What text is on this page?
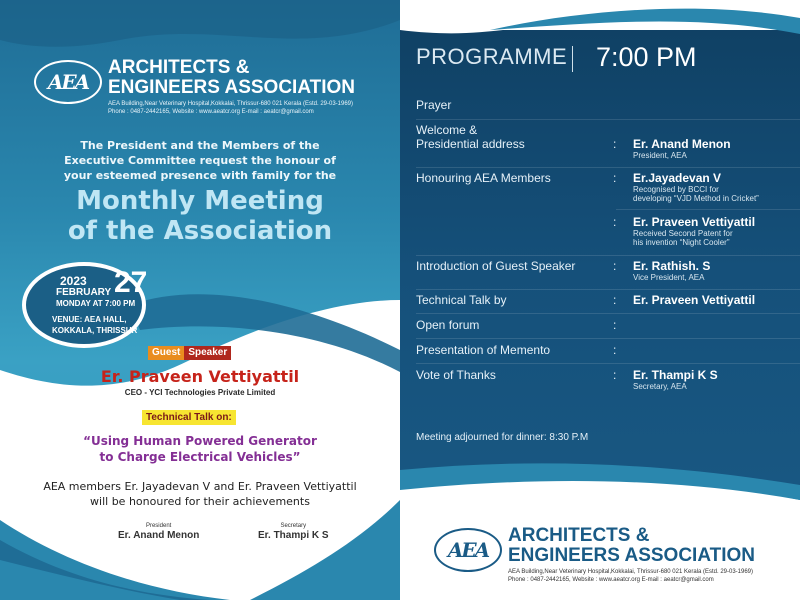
AEA
ARCHITECTS &
ENGINEERS ASSOCIATION
AEA Building,Near Veterinary Hospital,Kokkalai, Thrissur-680 021 Kerala (Estd. 29-03-1969)
Phone : 0487-2442165, Website : www.aeatcr.org E-mail : aeatcr@gmail.com
The President and the Members of the
Executive Committee request the honour of
your esteemed presence with family for the
Monthly Meeting
of the Association
2023
FEBRUARY 27
MONDAY AT 7:00 PM
VENUE: AEA HALL,
KOKKALA, THRISSUR
Guest Speaker
Er. Praveen Vettiyattil
CEO - YCI Technologies Private Limited
Technical Talk on:
“Using Human Powered Generator
to Charge Electrical Vehicles”
AEA members Er. Jayadevan V and Er. Praveen Vettiyattil
will be honoured for their achievements
President
Er. Anand Menon
Secretary
Er. Thampi K S
PROGRAMME 7:00 PM
Prayer
Welcome &
Presidential address	: Er. Anand Menon
President, AEA
Honouring AEA Members	: Er.Jayadevan V
Recognised by BCCI for
developing “VJD Method in Cricket”
: Er. Praveen Vettiyattil
Received Second Patent for
his invention “Night Cooler”
Introduction of Guest Speaker	: Er. Rathish. S
Vice President, AEA
Technical Talk by	: Er. Praveen Vettiyattil
Open forum	:
Presentation of Memento	:
Vote of Thanks	: Er. Thampi K S
Secretary, AEA
Meeting adjourned for dinner: 8:30 P.M
AEA
ARCHITECTS &
ENGINEERS ASSOCIATION
AEA Building,Near Veterinary Hospital,Kokkalai, Thrissur-680 021 Kerala (Estd. 29-03-1969)
Phone : 0487-2442165, Website : www.aeatcr.org E-mail : aeatcr@gmail.com
